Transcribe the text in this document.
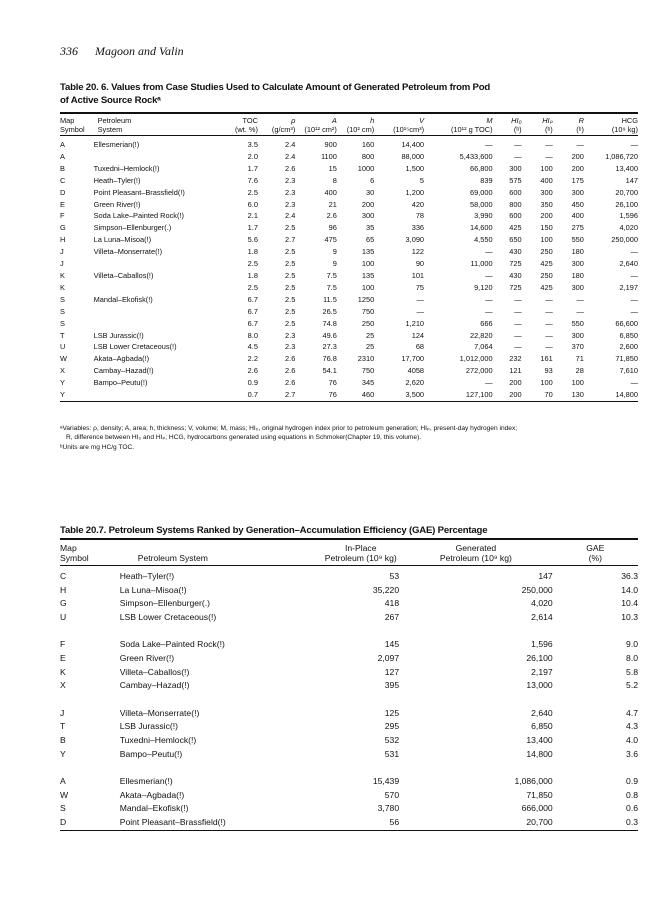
336 Magoon and Valin
Table 20. 6. Values from Case Studies Used to Calculate Amount of Generated Petroleum from Pod
of Active Source Rockᵃ
Map	Petroleum	TOC	ρ	A	h	V	M	HI₀	HIₚ	R	HCG
Symbol	System	(wt. %)	(g/cm³)	(10¹² cm²)	(10² cm)	(10¹⁵cm³)	(10¹² g TOC)	(ᵇ)	(ᵇ)	(ᵇ)	(10⁹ kg)
A	Ellesmerian(!)	3.5	2.4	900	160	14,400	—	—	—	—	—
A		2.0	2.4	1100	800	88,000	5,433,600	—	—	200	1,086,720
B	Tuxedni–Hemlock(!)	1.7	2.6	15	1000	1,500	66,800	300	100	200	13,400
C	Heath–Tyler(!)	7.6	2.3	8	6	5	839	575	400	175	147
D	Point Pleasant–Brassfield(!)	2.5	2.3	400	30	1,200	69,000	600	300	300	20,700
E	Green River(!)	6.0	2.3	21	200	420	58,000	800	350	450	26,100
F	Soda Lake–Painted Rock(!)	2.1	2.4	2.6	300	78	3,990	600	200	400	1,596
G	Simpson–Ellenburger(.)	1.7	2.5	96	35	336	14,600	425	150	275	4,020
H	La Luna–Misoa(!)	5.6	2.7	475	65	3,090	4,550	650	100	550	250,000
J	Villeta–Monserrate(!)	1.8	2.5	9	135	122	—	430	250	180	—
J		2.5	2.5	9	100	90	11,000	725	425	300	2,640
K	Villeta–Caballos(!)	1.8	2.5	7.5	135	101	—	430	250	180	—
K		2.5	2.5	7.5	100	75	9,120	725	425	300	2,197
S	Mandal–Ekofisk(!)	6.7	2.5	11.5	1250	—	—	—	—	—	—
S		6.7	2.5	26.5	750	—	—	—	—	—	—
S		6.7	2.5	74.8	250	1,210	666	—	—	550	66,600
T	LSB Jurassic(!)	8.0	2.3	49.6	25	124	22,820	—	—	300	6,850
U	LSB Lower Cretaceous(!)	4.5	2.3	27.3	25	68	7,064	—	—	370	2,600
W	Akata–Agbada(!)	2.2	2.6	76.8	2310	17,700	1,012,000	232	161	71	71,850
X	Cambay–Hazad(!)	2.6	2.6	54.1	750	4058	272,000	121	93	28	7,610
Y	Bampo–Peutu(!)	0.9	2.6	76	345	2,620	—	200	100	100	—
Y		0.7	2.7	76	460	3,500	127,100	200	70	130	14,800
ᵃVariables: ρ, density; A, area; h, thickness; V, volume; M, mass; HI₀, original hydrogen index prior to petroleum generation; HIₚ, present-day hydrogen index;
R, difference between HI₀ and HIₚ; HCG, hydrocarbons generated using equations in Schmoker(Chapter 19, this volume).
ᵇUnits are mg HC/g TOC.
Table 20.7. Petroleum Systems Ranked by Generation–Accumulation Efficiency (GAE) Percentage
Map		In-Place	Generated	GAE
Symbol	Petroleum System	Petroleum (10⁹ kg)	Petroleum (10⁹ kg)	(%)
C	Heath–Tyler(!)	53	147	36.3
H	La Luna–Misoa(!)	35,220	250,000	14.0
G	Simpson–Ellenburger(.)	418	4,020	10.4
U	LSB Lower Cretaceous(!)	267	2,614	10.3

F	Soda Lake–Painted Rock(!)	145	1,596	9.0
E	Green River(!)	2,097	26,100	8.0
K	Villeta–Caballos(!)	127	2,197	5.8
X	Cambay–Hazad(!)	395	13,000	5.2

J	Villeta–Monserrate(!)	125	2,640	4.7
T	LSB Jurassic(!)	295	6,850	4.3
B	Tuxedni–Hemlock(!)	532	13,400	4.0
Y	Bampo–Peutu(!)	531	14,800	3.6

A	Ellesmerian(!)	15,439	1,086,000	0.9
W	Akata–Agbada(!)	570	71,850	0.8
S	Mandal–Ekofisk(!)	3,780	666,000	0.6
D	Point Pleasant–Brassfield(!)	56	20,700	0.3
